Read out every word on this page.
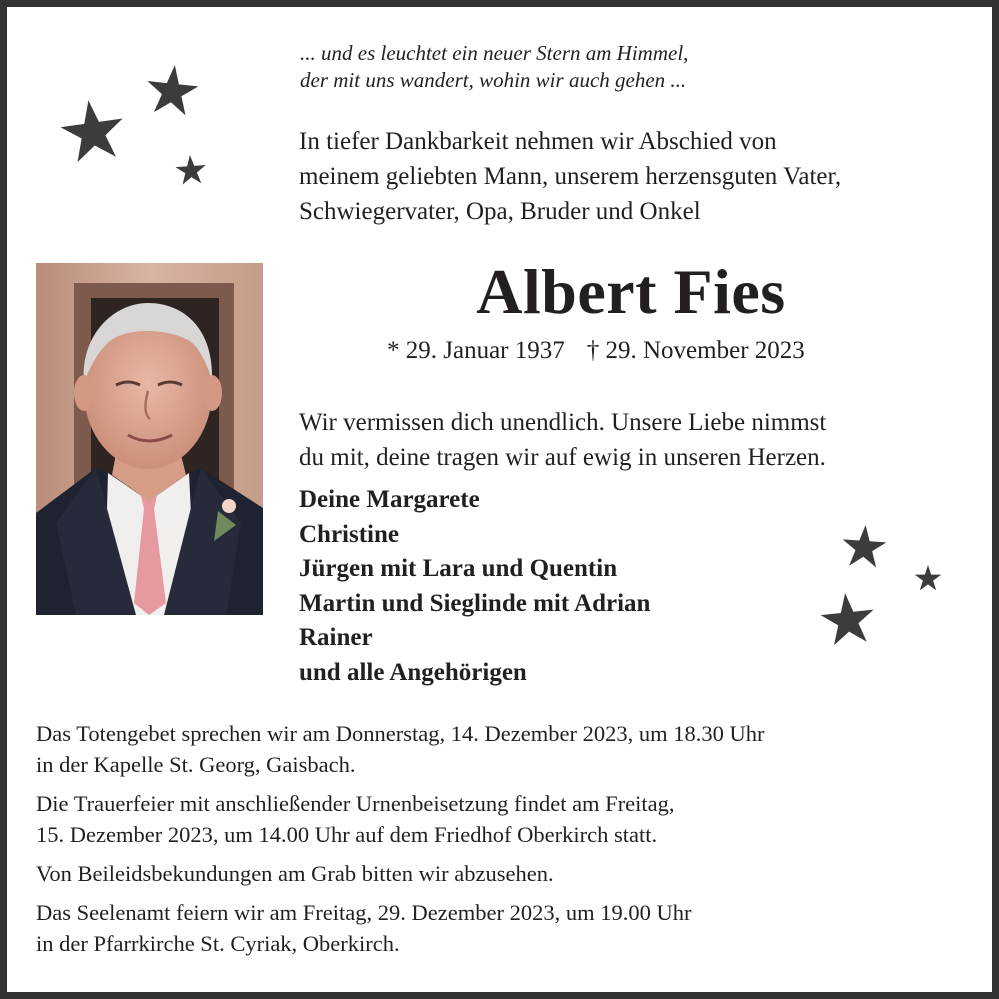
... und es leuchtet ein neuer Stern am Himmel,
der mit uns wandert, wohin wir auch gehen ...
In tiefer Dankbarkeit nehmen wir Abschied von
meinem geliebten Mann, unserem herzensguten Vater,
Schwiegervater, Opa, Bruder und Onkel
Albert Fies
* 29. Januar 1937 † 29. November 2023
Wir vermissen dich unendlich. Unsere Liebe nimmst
du mit, deine tragen wir auf ewig in unseren Herzen.
Deine Margarete
Christine
Jürgen mit Lara und Quentin
Martin und Sieglinde mit Adrian
Rainer
und alle Angehörigen

Das Totengebet sprechen wir am Donnerstag, 14. Dezember 2023, um 18.30 Uhr
in der Kapelle St. Georg, Gaisbach.

Die Trauerfeier mit anschließender Urnenbeisetzung findet am Freitag,
15. Dezember 2023, um 14.00 Uhr auf dem Friedhof Oberkirch statt.

Von Beileidsbekundungen am Grab bitten wir abzusehen.

Das Seelenamt feiern wir am Freitag, 29. Dezember 2023, um 19.00 Uhr
in der Pfarrkirche St. Cyriak, Oberkirch.
